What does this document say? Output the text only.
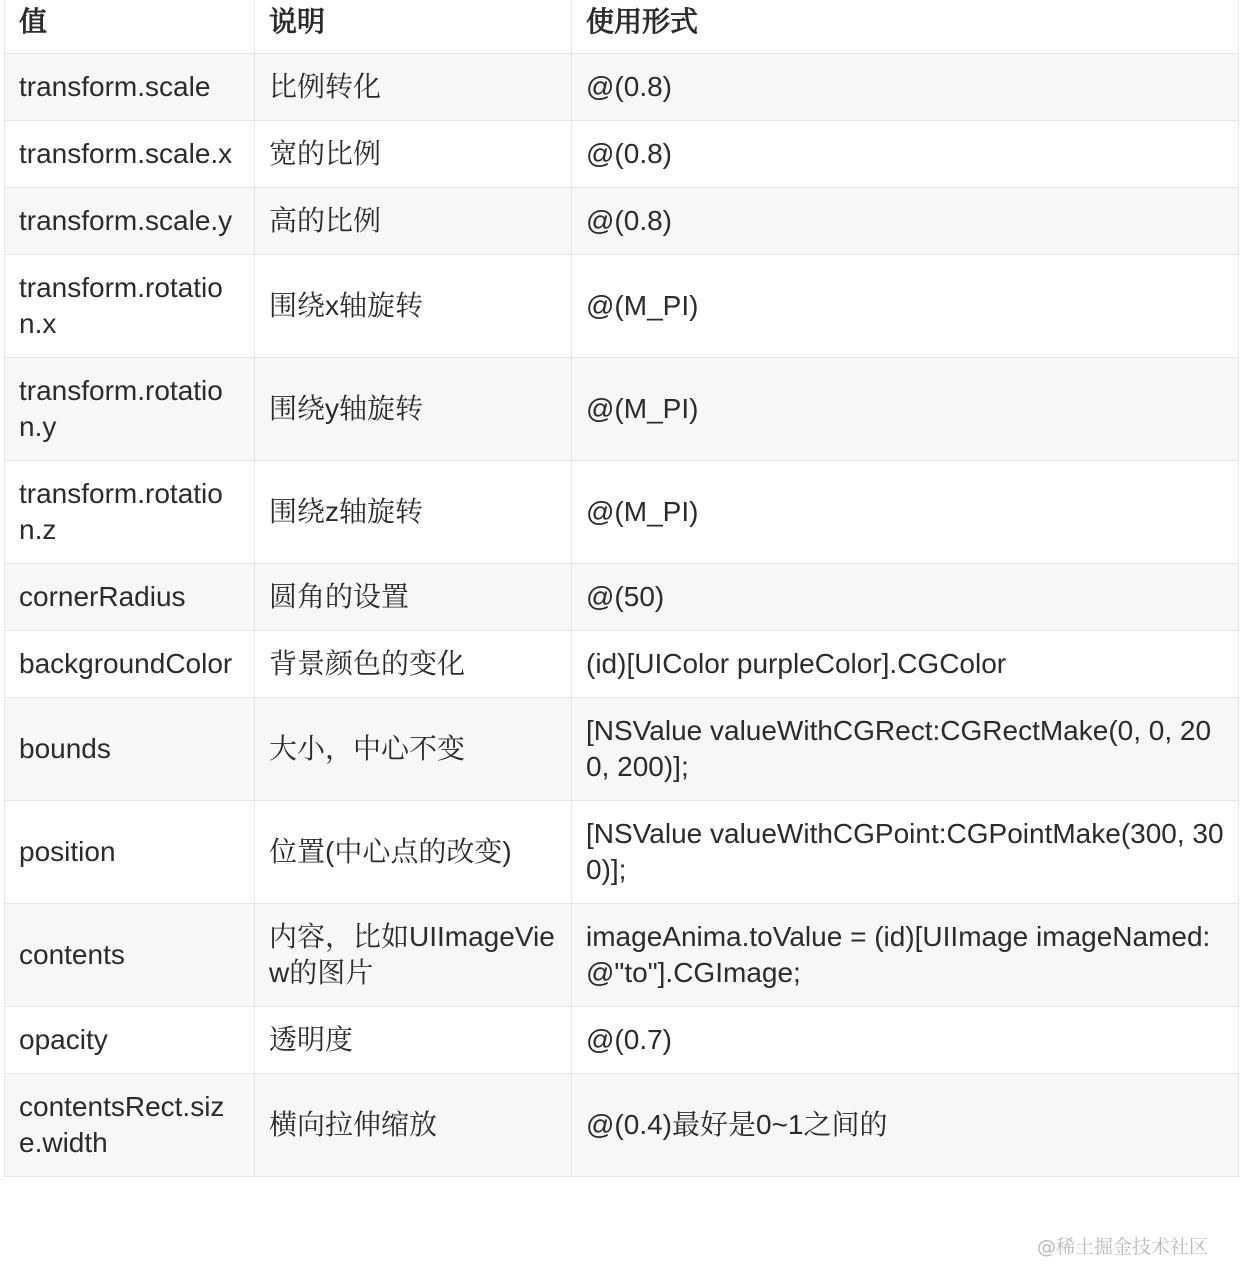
值	说明	使用形式
transform.scale	比例转化	@(0.8)
transform.scale.x	宽的比例	@(0.8)
transform.scale.y	高的比例	@(0.8)
transform.rotation.x	围绕x轴旋转	@(M_PI)
transform.rotation.y	围绕y轴旋转	@(M_PI)
transform.rotation.z	围绕z轴旋转	@(M_PI)
cornerRadius	圆角的设置	@(50)
backgroundColor	背景颜色的变化	(id)[UIColor purpleColor].CGColor
bounds	大小，中心不变	[NSValue valueWithCGRect:CGRectMake(0, 0, 200, 200)];
position	位置(中心点的改变)	[NSValue valueWithCGPoint:CGPointMake(300, 300)];
contents	内容，比如UIImageView的图片	imageAnima.toValue = (id)[UIImage imageNamed:@"to"].CGImage;
opacity	透明度	@(0.7)
contentsRect.size.width	横向拉伸缩放	@(0.4)最好是0~1之间的
@稀土掘金技术社区
